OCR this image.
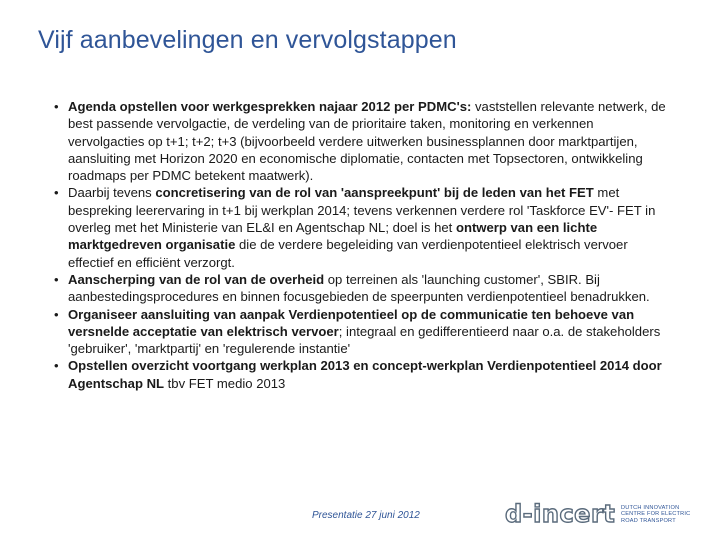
Vijf aanbevelingen en vervolgstappen
• Agenda opstellen voor werkgesprekken najaar 2012 per PDMC's: vaststellen relevante netwerk, de best passende vervolgactie, de verdeling van de prioritaire taken, monitoring en verkennen vervolgacties op t+1; t+2; t+3 (bijvoorbeeld verdere uitwerken businessplannen door marktpartijen, aansluiting met Horizon 2020 en economische diplomatie, contacten met Topsectoren, ontwikkeling roadmaps per PDMC betekent maatwerk).
• Daarbij tevens concretisering van de rol van 'aanspreekpunt' bij de leden van het FET met bespreking leerervaring in t+1 bij werkplan 2014; tevens verkennen verdere rol 'Taskforce EV'- FET in overleg met het Ministerie van EL&I en Agentschap NL; doel is het ontwerp van een lichte marktgedreven organisatie die de verdere begeleiding van verdienpotentieel elektrisch vervoer effectief en efficiënt verzorgt.
• Aanscherping van de rol van de overheid op terreinen als 'launching customer', SBIR. Bij aanbestedingsprocedures en binnen focusgebieden de speerpunten verdienpotentieel benadrukken.
• Organiseer aansluiting van aanpak Verdienpotentieel op de communicatie ten behoeve van versnelde acceptatie van elektrisch vervoer; integraal en gedifferentieerd naar o.a. de stakeholders 'gebruiker', 'marktpartij' en 'regulerende instantie'
• Opstellen overzicht voortgang werkplan 2013 en concept-werkplan Verdienpotentieel 2014 door Agentschap NL tbv FET medio 2013
Presentatie 27 juni 2012	d-incert DUTCH INNOVATION CENTRE FOR ELECTRIC ROAD TRANSPORT
